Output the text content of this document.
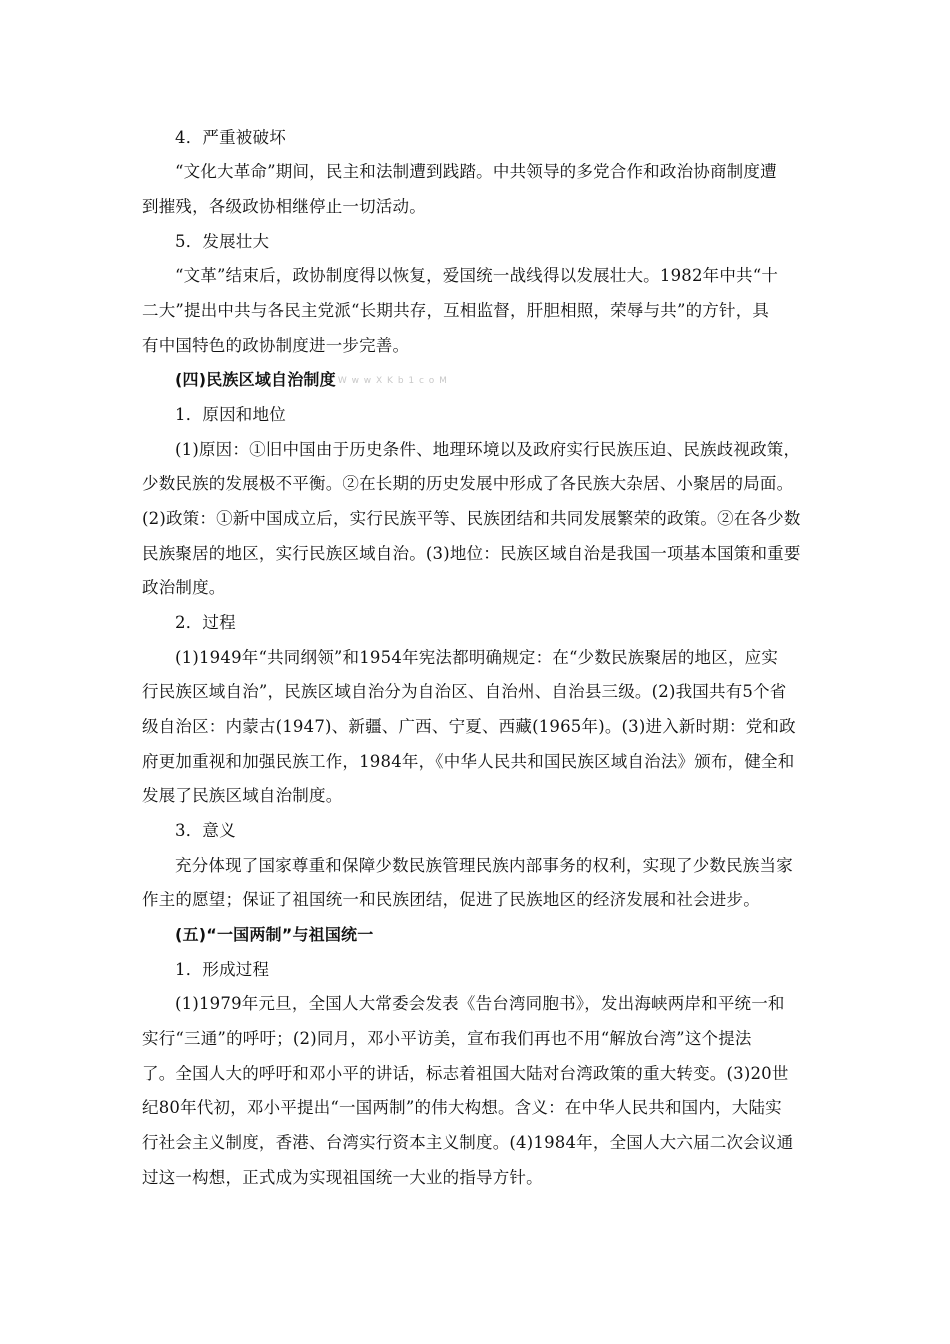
4．严重被破坏
“文化大革命”期间，民主和法制遭到践踏。中共领导的多党合作和政治协商制度遭
到摧残，各级政协相继停止一切活动。
5．发展壮大
“文革”结束后，政协制度得以恢复，爱国统一战线得以发展壮大。1982年中共“十
二大”提出中共与各民主党派“长期共存，互相监督，肝胆相照，荣辱与共”的方针，具
有中国特色的政协制度进一步完善。
(四)民族区域自治制度 W w w X K b 1 c o M
1．原因和地位
(1)原因：①旧中国由于历史条件、地理环境以及政府实行民族压迫、民族歧视政策，
少数民族的发展极不平衡。②在长期的历史发展中形成了各民族大杂居、小聚居的局面。
(2)政策：①新中国成立后，实行民族平等、民族团结和共同发展繁荣的政策。②在各少数
民族聚居的地区，实行民族区域自治。(3)地位：民族区域自治是我国一项基本国策和重要
政治制度。
2．过程
(1)1949年“共同纲领”和1954年宪法都明确规定：在“少数民族聚居的地区，应实
行民族区域自治”，民族区域自治分为自治区、自治州、自治县三级。(2)我国共有5个省
级自治区：内蒙古(1947)、新疆、广西、宁夏、西藏(1965年)。(3)进入新时期：党和政
府更加重视和加强民族工作，1984年，《中华人民共和国民族区域自治法》颁布，健全和
发展了民族区域自治制度。
3．意义
充分体现了国家尊重和保障少数民族管理民族内部事务的权利，实现了少数民族当家
作主的愿望；保证了祖国统一和民族团结，促进了民族地区的经济发展和社会进步。
(五)“一国两制”与祖国统一
1．形成过程
(1)1979年元旦，全国人大常委会发表《告台湾同胞书》，发出海峡两岸和平统一和
实行“三通”的呼吁；(2)同月，邓小平访美，宣布我们再也不用“解放台湾”这个提法
了。全国人大的呼吁和邓小平的讲话，标志着祖国大陆对台湾政策的重大转变。(3)20世
纪80年代初，邓小平提出“一国两制”的伟大构想。含义：在中华人民共和国内，大陆实
行社会主义制度，香港、台湾实行资本主义制度。(4)1984年，全国人大六届二次会议通
过这一构想，正式成为实现祖国统一大业的指导方针。
